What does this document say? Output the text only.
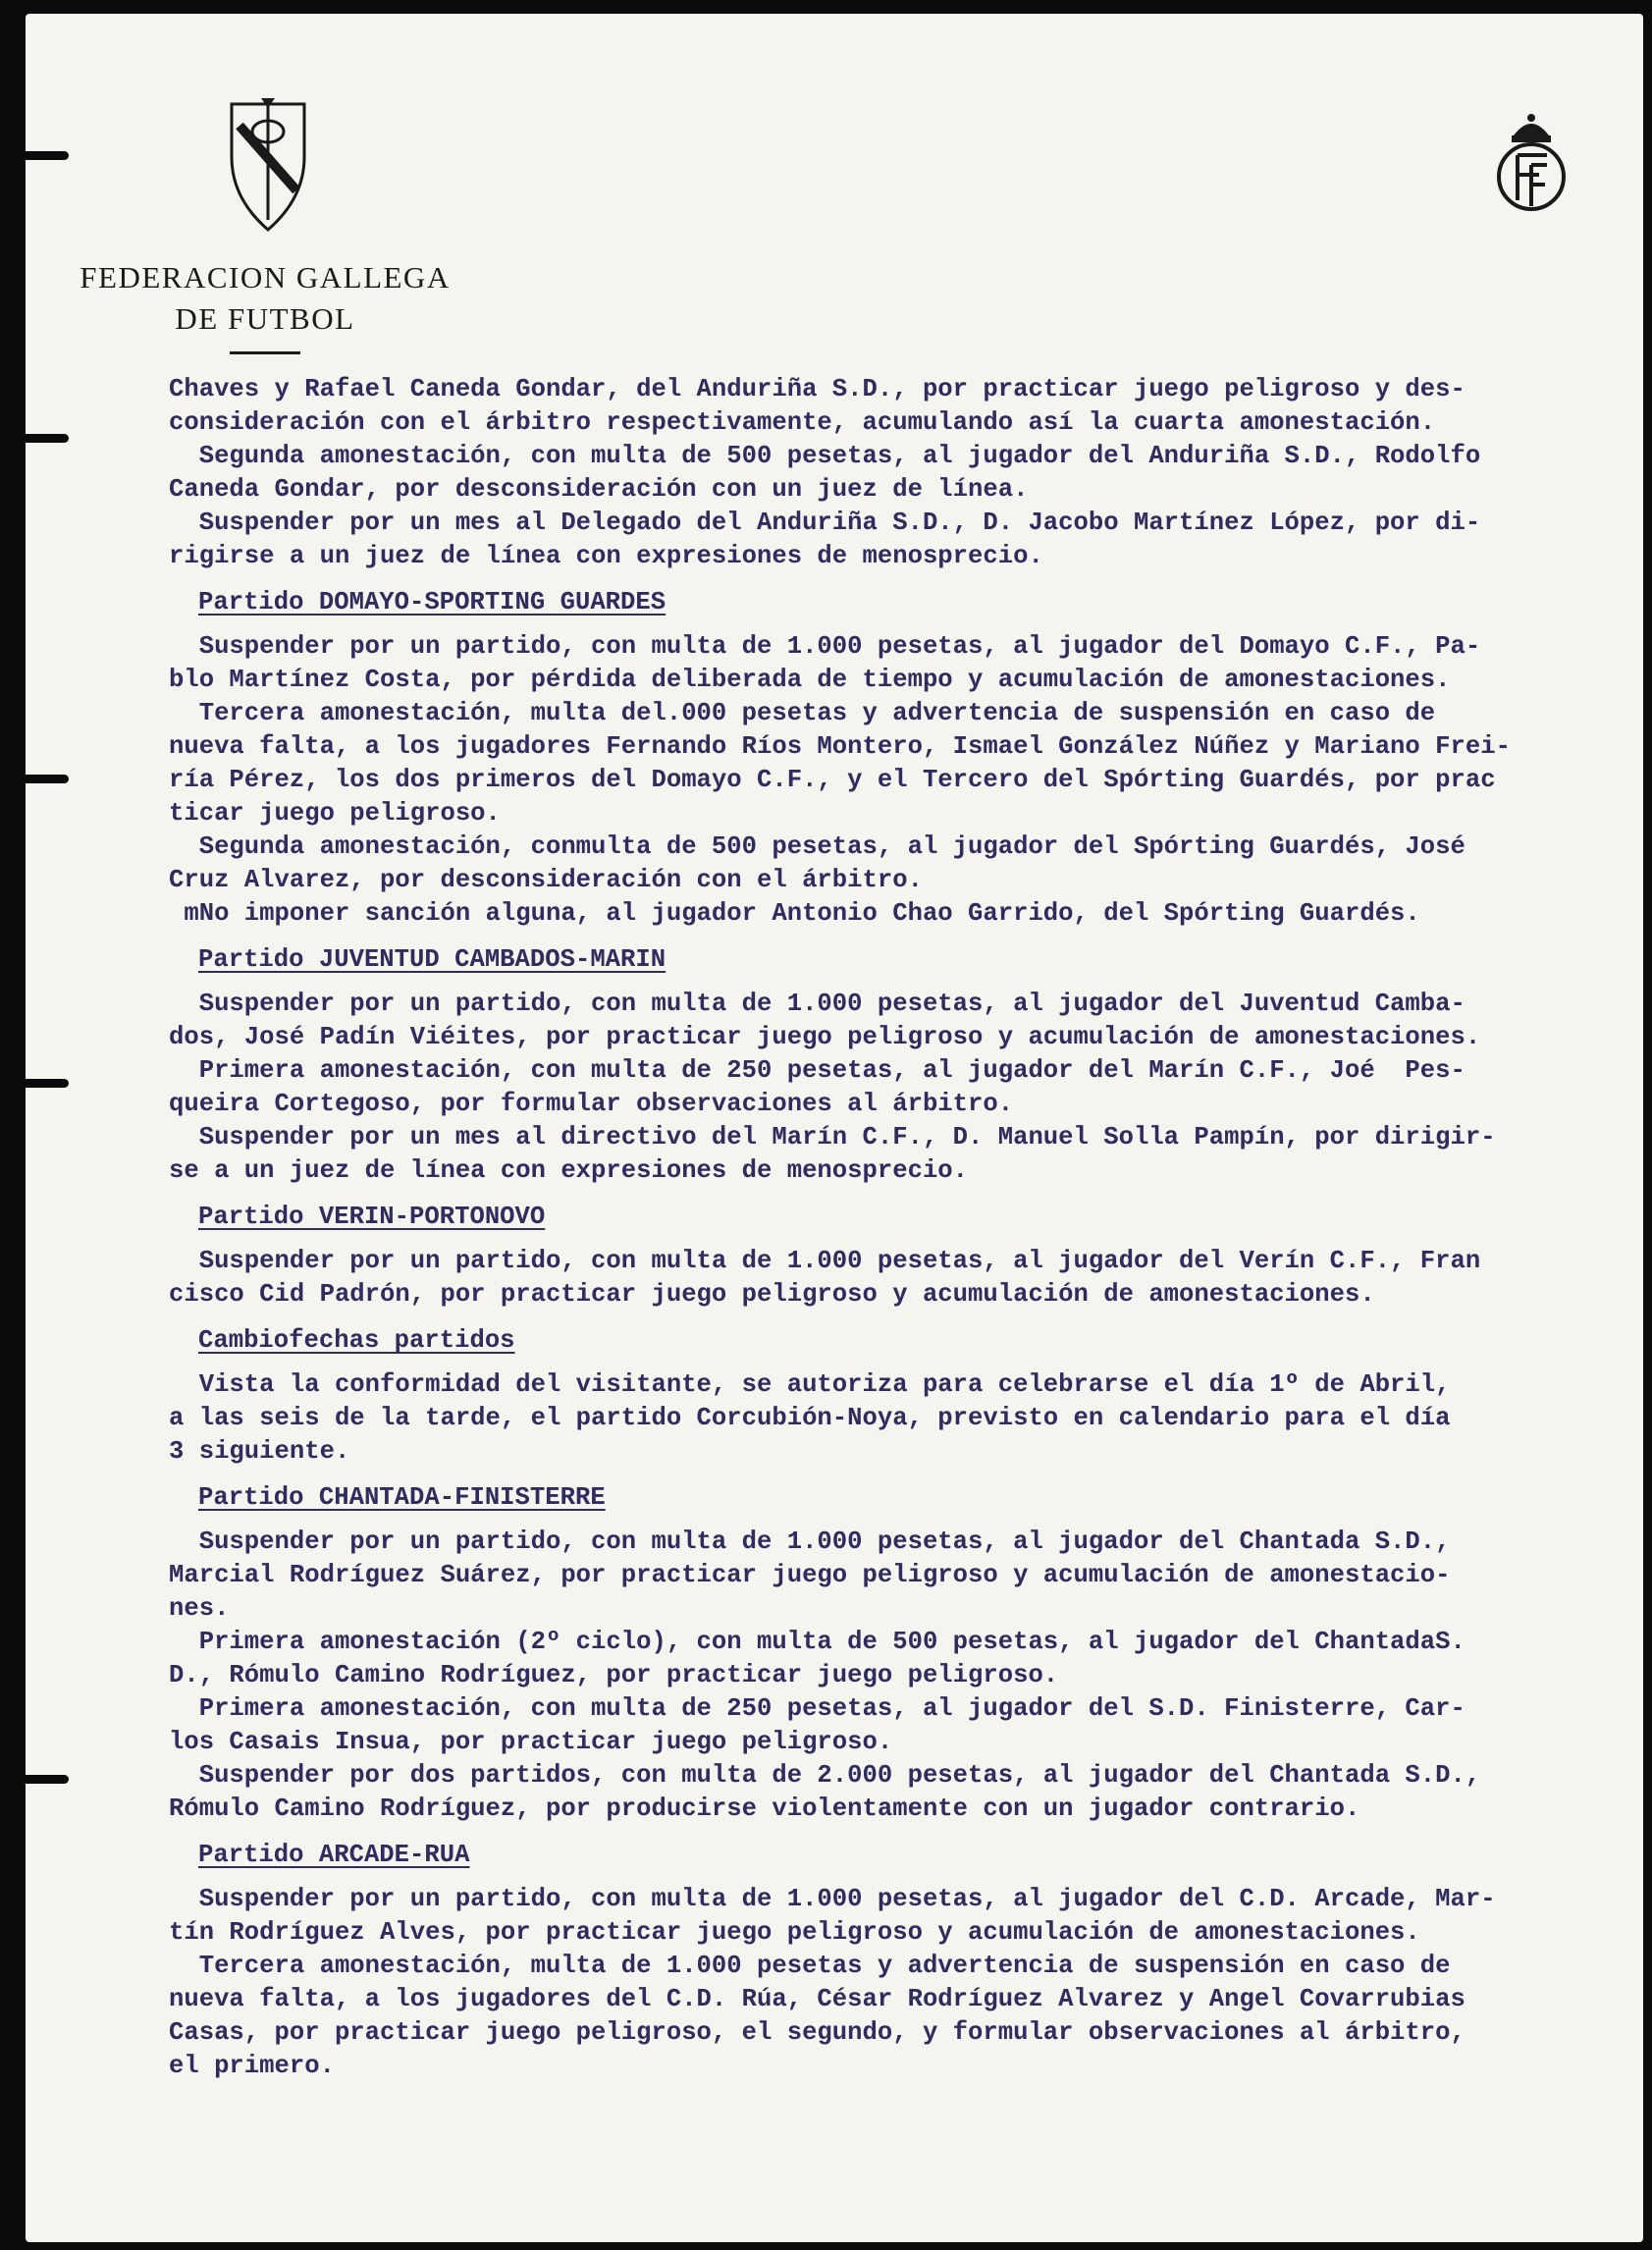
FEDERACION GALLEGA
DE FUTBOL
Chaves y Rafael Caneda Gondar, del Anduriña S.D., por practicar juego peligroso y des-
consideración con el árbitro respectivamente, acumulando así la cuarta amonestación.
Segunda amonestación, con multa de 500 pesetas, al jugador del Anduriña S.D., Rodolfo
Caneda Gondar, por desconsideración con un juez de línea.
Suspender por un mes al Delegado del Anduriña S.D., D. Jacobo Martínez López, por di-
rigirse a un juez de línea con expresiones de menosprecio.
Partido DOMAYO-SPORTING GUARDES
Suspender por un partido, con multa de 1.000 pesetas, al jugador del Domayo C.F., Pa-
blo Martínez Costa, por pérdida deliberada de tiempo y acumulación de amonestaciones.
Tercera amonestación, multa del.000 pesetas y advertencia de suspensión en caso de
nueva falta, a los jugadores Fernando Ríos Montero, Ismael González Núñez y Mariano Frei-
ría Pérez, los dos primeros del Domayo C.F., y el Tercero del Spórting Guardés, por prac
ticar juego peligroso.
Segunda amonestación, conmulta de 500 pesetas, al jugador del Spórting Guardés, José
Cruz Alvarez, por desconsideración con el árbitro.
mNo imponer sanción alguna, al jugador Antonio Chao Garrido, del Spórting Guardés.
Partido JUVENTUD CAMBADOS-MARIN
Suspender por un partido, con multa de 1.000 pesetas, al jugador del Juventud Camba-
dos, José Padín Viéites, por practicar juego peligroso y acumulación de amonestaciones.
Primera amonestación, con multa de 250 pesetas, al jugador del Marín C.F., Joé  Pes-
queira Cortegoso, por formular observaciones al árbitro.
Suspender por un mes al directivo del Marín C.F., D. Manuel Solla Pampín, por dirigir-
se a un juez de línea con expresiones de menosprecio.
Partido VERIN-PORTONOVO
Suspender por un partido, con multa de 1.000 pesetas, al jugador del Verín C.F., Fran
cisco Cid Padrón, por practicar juego peligroso y acumulación de amonestaciones.
Cambiofechas partidos
Vista la conformidad del visitante, se autoriza para celebrarse el día 1º de Abril,
a las seis de la tarde, el partido Corcubión-Noya, previsto en calendario para el día
3 siguiente.
Partido CHANTADA-FINISTERRE
Suspender por un partido, con multa de 1.000 pesetas, al jugador del Chantada S.D.,
Marcial Rodríguez Suárez, por practicar juego peligroso y acumulación de amonestacio-
nes.
Primera amonestación (2º ciclo), con multa de 500 pesetas, al jugador del ChantadaS.
D., Rómulo Camino Rodríguez, por practicar juego peligroso.
Primera amonestación, con multa de 250 pesetas, al jugador del S.D. Finisterre, Car-
los Casais Insua, por practicar juego peligroso.
Suspender por dos partidos, con multa de 2.000 pesetas, al jugador del Chantada S.D.,
Rómulo Camino Rodríguez, por producirse violentamente con un jugador contrario.
Partido ARCADE-RUA
Suspender por un partido, con multa de 1.000 pesetas, al jugador del C.D. Arcade, Mar-
tín Rodríguez Alves, por practicar juego peligroso y acumulación de amonestaciones.
Tercera amonestación, multa de 1.000 pesetas y advertencia de suspensión en caso de
nueva falta, a los jugadores del C.D. Rúa, César Rodríguez Alvarez y Angel Covarrubias
Casas, por practicar juego peligroso, el segundo, y formular observaciones al árbitro,
el primero.
